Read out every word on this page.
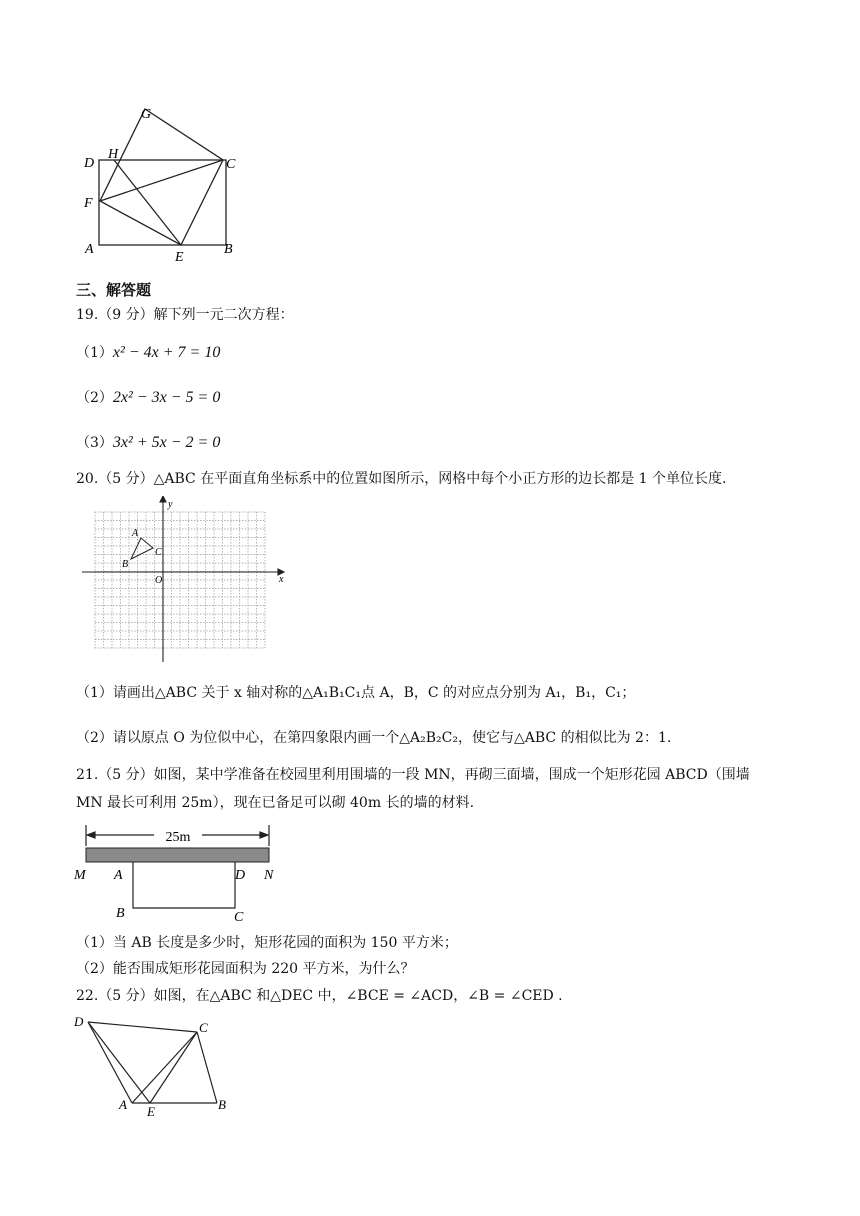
G
D
H
C
F
A
E
B
三、解答题
19.（9 分）解下列一元二次方程：
（1）x² − 4x + 7 = 10
（2）2x² − 3x − 5 = 0
（3）3x² + 5x − 2 = 0
20.（5 分）△ABC 在平面直角坐标系中的位置如图所示，网格中每个小正方形的边长都是 1 个单位长度.
x
y
O
A
B
C
（1）请画出△ABC 关于 x 轴对称的△A₁B₁C₁点 A，B，C 的对应点分别为 A₁，B₁，C₁；
（2）请以原点 O 为位似中心，在第四象限内画一个△A₂B₂C₂，使它与△ABC 的相似比为 2：1.
21.（5 分）如图，某中学准备在校园里利用围墙的一段 MN，再砌三面墙，围成一个矩形花园 ABCD（围墙
MN 最长可利用 25m），现在已备足可以砌 40m 长的墙的材料.
25m
M	N
A	D
B	C
（1）当 AB 长度是多少时，矩形花园的面积为 150 平方米；
（2）能否围成矩形花园面积为 220 平方米，为什么？
22.（5 分）如图，在△ABC 和△DEC 中，∠BCE = ∠ACD，∠B = ∠CED .
D	C
A E	B
